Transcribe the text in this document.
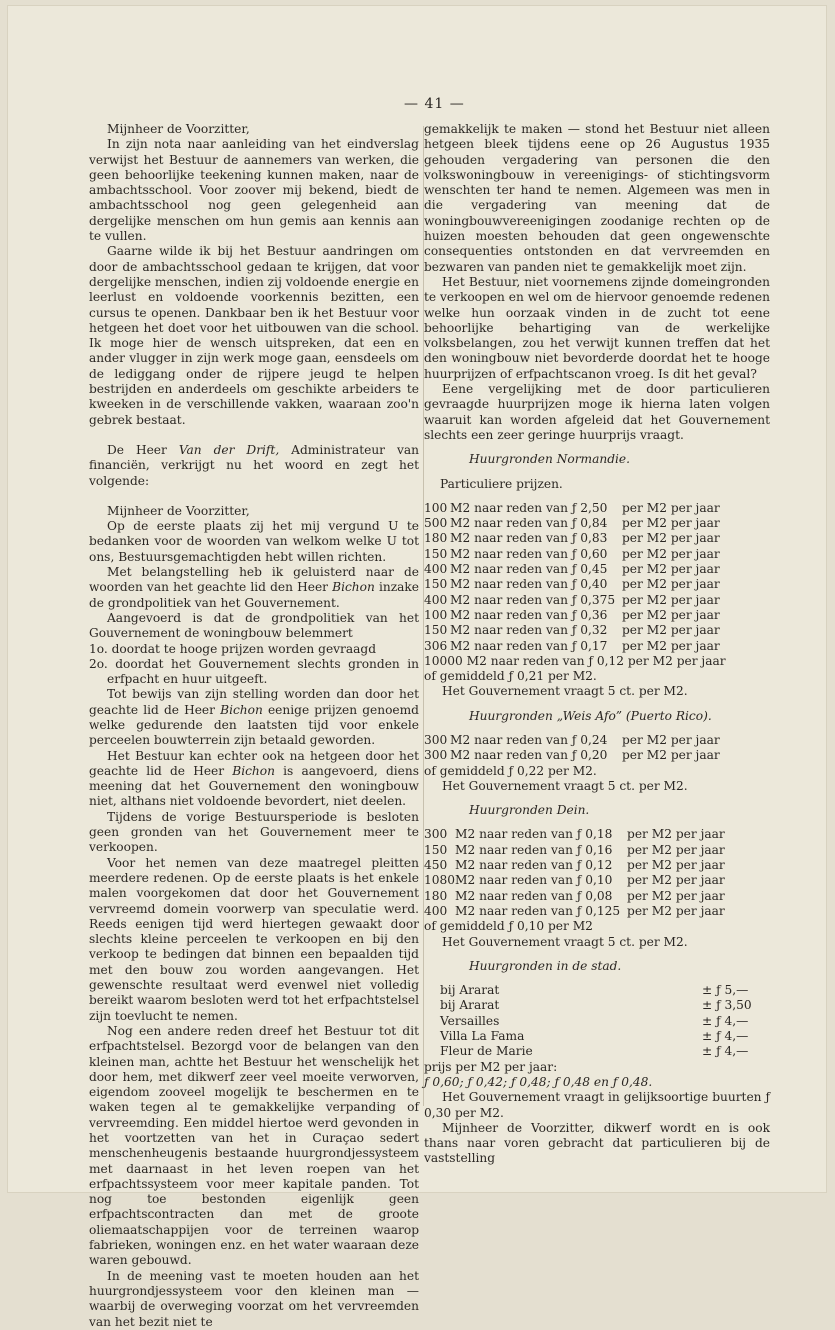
— 41 —

Mijnheer de Voorzitter,

In zijn nota naar aanleiding van het eindverslag verwijst het Bestuur de aannemers van werken, die geen behoorlijke teekening kunnen maken, naar de ambachtsschool. Voor zoover mij bekend, biedt de ambachtsschool nog geen gelegenheid aan dergelijke menschen om hun gemis aan kennis aan te vullen.

Gaarne wilde ik bij het Bestuur aandringen om door de ambachtsschool gedaan te krijgen, dat voor dergelijke menschen, indien zij voldoende energie en leerlust en voldoende voorkennis bezitten, een cursus te openen. Dankbaar ben ik het Bestuur voor hetgeen het doet voor het uitbouwen van die school. Ik moge hier de wensch uitspreken, dat een en ander vlugger in zijn werk moge gaan, eensdeels om de lediggang onder de rijpere jeugd te helpen bestrijden en anderdeels om geschikte arbeiders te kweeken in de verschillende vakken, waaraan zoo'n gebrek bestaat.

De Heer Van der Drift, Administrateur van financiën, verkrijgt nu het woord en zegt het volgende:

Mijnheer de Voorzitter,

Op de eerste plaats zij het mij vergund U te bedanken voor de woorden van welkom welke U tot ons, Bestuursgemachtigden hebt willen richten.

Met belangstelling heb ik geluisterd naar de woorden van het geachte lid den Heer Bichon inzake de grondpolitiek van het Gouvernement.

Aangevoerd is dat de grondpolitiek van het Gouvernement de woningbouw belemmert

1o. doordat te hooge prijzen worden gevraagd

2o. doordat het Gouvernement slechts gronden in erfpacht en huur uitgeeft.

Tot bewijs van zijn stelling worden dan door het geachte lid de Heer Bichon eenige prijzen genoemd welke gedurende den laatsten tijd voor enkele perceelen bouwterrein zijn betaald geworden.

Het Bestuur kan echter ook na hetgeen door het geachte lid de Heer Bichon is aangevoerd, diens meening dat het Gouvernement den woningbouw niet, althans niet voldoende bevordert, niet deelen.

Tijdens de vorige Bestuursperiode is besloten geen gronden van het Gouvernement meer te verkoopen.

Voor het nemen van deze maatregel pleitten meerdere redenen. Op de eerste plaats is het enkele malen voorgekomen dat door het Gouvernement vervreemd domein voorwerp van speculatie werd. Reeds eenigen tijd werd hiertegen gewaakt door slechts kleine perceelen te verkoopen en bij den verkoop te bedingen dat binnen een bepaalden tijd met den bouw zou worden aangevangen. Het gewenschte resultaat werd evenwel niet volledig bereikt waarom besloten werd tot het erfpachtstelsel zijn toevlucht te nemen.

Nog een andere reden dreef het Bestuur tot dit erfpachtstelsel. Bezorgd voor de belangen van den kleinen man, achtte het Bestuur het wenschelijk het door hem, met dikwerf zeer veel moeite verworven, eigendom zooveel mogelijk te beschermen en te waken tegen al te gemakkelijke verpanding of vervreemding. Een middel hiertoe werd gevonden in het voortzetten van het in Curaçao sedert menschenheugenis bestaande huurgrondjessysteem met daarnaast in het leven roepen van het erfpachtssysteem voor meer kapitale panden. Tot nog toe bestonden eigenlijk geen erfpachtscontracten dan met de groote oliemaatschappijen voor de terreinen waarop fabrieken, woningen enz. en het water waaraan deze waren gebouwd.

In de meening vast te moeten houden aan het huurgrondjessysteem voor den kleinen man — waarbij de overweging voorzat om het vervreemden van het bezit niet te

gemakkelijk te maken — stond het Bestuur niet alleen hetgeen bleek tijdens eene op 26 Augustus 1935 gehouden vergadering van personen die den volkswoningbouw in vereenigings- of stichtingsvorm wenschten ter hand te nemen. Algemeen was men in die vergadering van meening dat de woningbouwvereenigingen zoodanige rechten op de huizen moesten behouden dat geen ongewenschte consequenties ontstonden en dat vervreemden en bezwaren van panden niet te gemakkelijk moet zijn.

Het Bestuur, niet voornemens zijnde domeingronden te verkoopen en wel om de hiervoor genoemde redenen welke hun oorzaak vinden in de zucht tot eene behoorlijke behartiging van de werkelijke volksbelangen, zou het verwijt kunnen treffen dat het den woningbouw niet bevorderde doordat het te hooge huurprijzen of erfpachtscanon vroeg. Is dit het geval?

Eene vergelijking met de door particulieren gevraagde huurprijzen moge ik hierna laten volgen waaruit kan worden afgeleid dat het Gouvernement slechts een zeer geringe huurprijs vraagt.

Huurgronden Normandie.

Particuliere prijzen.

100	M2 naar reden van ƒ 2,50	per M2 per jaar
500	M2 naar reden van ƒ 0,84	per M2 per jaar
180	M2 naar reden van ƒ 0,83	per M2 per jaar
150	M2 naar reden van ƒ 0,60	per M2 per jaar
400	M2 naar reden van ƒ 0,45	per M2 per jaar
150	M2 naar reden van ƒ 0,40	per M2 per jaar
400	M2 naar reden van ƒ 0,375	per M2 per jaar
100	M2 naar reden van ƒ 0,36	per M2 per jaar
150	M2 naar reden van ƒ 0,32	per M2 per jaar
306	M2 naar reden van ƒ 0,17	per M2 per jaar

10000 M2 naar reden van ƒ 0,12 per M2 per jaar

of gemiddeld ƒ 0,21 per M2.

Het Gouvernement vraagt 5 ct. per M2.

Huurgronden „Weis Afo” (Puerto Rico).

300	M2 naar reden van ƒ 0,24	per M2 per jaar
300	M2 naar reden van ƒ 0,20	per M2 per jaar

of gemiddeld ƒ 0,22 per M2.

Het Gouvernement vraagt 5 ct. per M2.

Huurgronden Dein.

300	M2 naar reden van ƒ 0,18	per M2 per jaar
150	M2 naar reden van ƒ 0,16	per M2 per jaar
450	M2 naar reden van ƒ 0,12	per M2 per jaar
1080	M2 naar reden van ƒ 0,10	per M2 per jaar
180	M2 naar reden van ƒ 0,08	per M2 per jaar
400	M2 naar reden van ƒ 0,125	per M2 per jaar

of gemiddeld ƒ 0,10 per M2

Het Gouvernement vraagt 5 ct. per M2.

Huurgronden in de stad.

bij Ararat	± ƒ 5,—
bij Ararat	± ƒ 3,50
Versailles	± ƒ 4,—
Villa La Fama	± ƒ 4,—
Fleur de Marie	± ƒ 4,—

prijs per M2 per jaar:

ƒ 0,60; ƒ 0,42; ƒ 0,48; ƒ 0,48 en ƒ 0,48.

Het Gouvernement vraagt in gelijksoortige buurten ƒ 0,30 per M2.

Mijnheer de Voorzitter, dikwerf wordt en is ook thans naar voren gebracht dat particulieren bij de vaststelling
